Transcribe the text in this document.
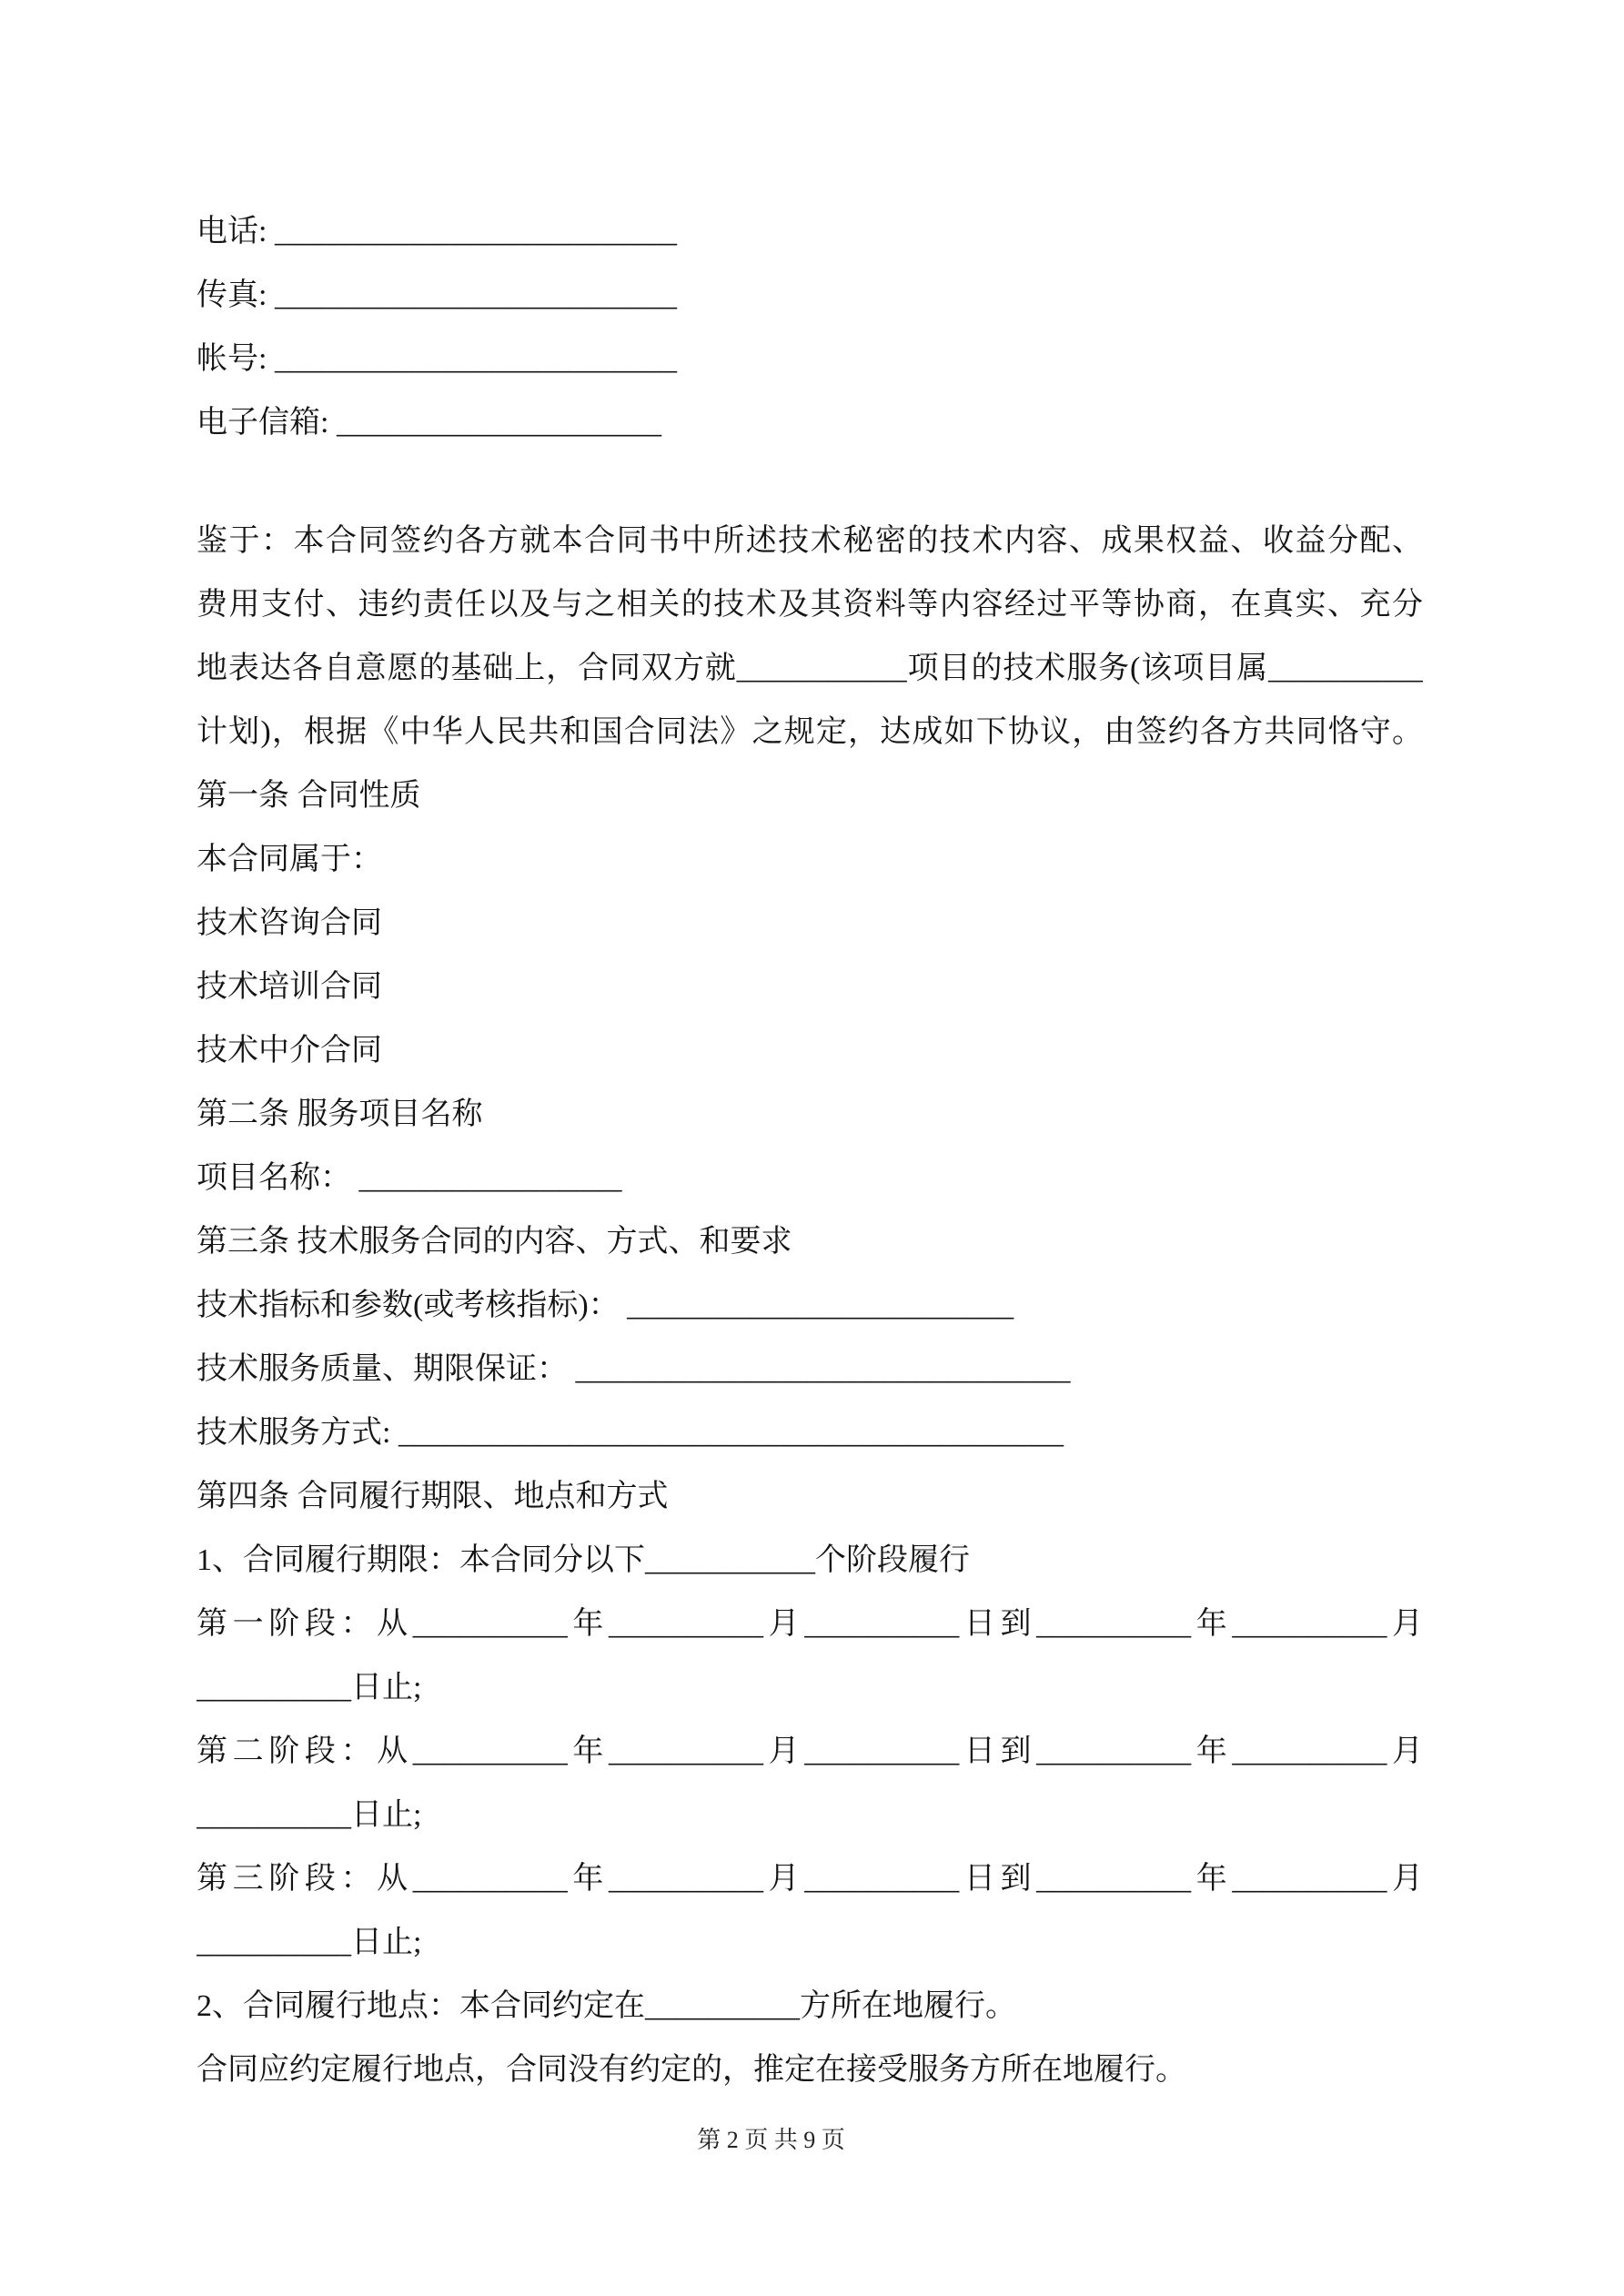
电话: __________________________
传真: __________________________
帐号: __________________________
电子信箱: _____________________
鉴于：本合同签约各方就本合同书中所述技术秘密的技术内容、成果权益、收益分配、
费用支付、违约责任以及与之相关的技术及其资料等内容经过平等协商，在真实、充分
地表达各自意愿的基础上，合同双方就___________项目的技术服务(该项目属__________
计划)，根据《中华人民共和国合同法》之规定，达成如下协议，由签约各方共同恪守。
第一条 合同性质
本合同属于：
技术咨询合同
技术培训合同
技术中介合同
第二条 服务项目名称
项目名称： _________________
第三条 技术服务合同的内容、方式、和要求
技术指标和参数(或考核指标)： _________________________
技术服务质量、期限保证： ________________________________
技术服务方式: ___________________________________________
第四条 合同履行期限、地点和方式
1、合同履行期限：本合同分以下___________个阶段履行
第一阶段：从__________年__________月__________日到__________年__________月
__________日止;
第二阶段：从__________年__________月__________日到__________年__________月
__________日止;
第三阶段：从__________年__________月__________日到__________年__________月
__________日止;
2、合同履行地点：本合同约定在__________方所在地履行。
合同应约定履行地点，合同没有约定的，推定在接受服务方所在地履行。
第 2 页 共 9 页
